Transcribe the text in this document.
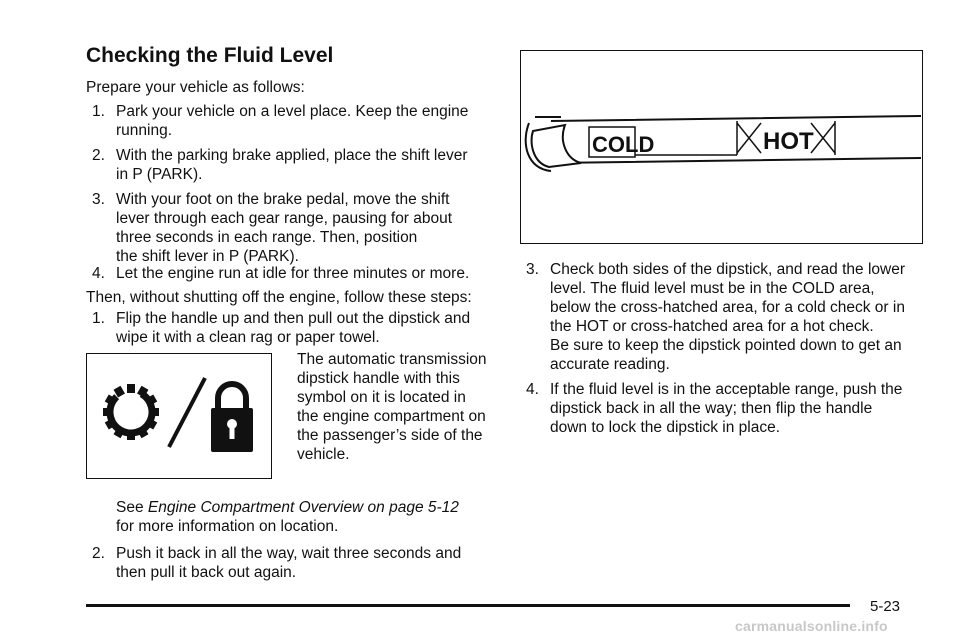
Checking the Fluid Level
Prepare your vehicle as follows:
1. Park your vehicle on a level place. Keep the engine
running.
2. With the parking brake applied, place the shift lever
in P (PARK).
3. With your foot on the brake pedal, move the shift
lever through each gear range, pausing for about
three seconds in each range. Then, position
the shift lever in P (PARK).
4. Let the engine run at idle for three minutes or more.
Then, without shutting off the engine, follow these steps:
1. Flip the handle up and then pull out the dipstick and
wipe it with a clean rag or paper towel.
The automatic transmission
dipstick handle with this
symbol on it is located in
the engine compartment on
the passenger’s side of the
vehicle.
See Engine Compartment Overview on page 5-12
for more information on location.
2. Push it back in all the way, wait three seconds and
then pull it back out again.
COLD	HOT
3. Check both sides of the dipstick, and read the lower
level. The fluid level must be in the COLD area,
below the cross-hatched area, for a cold check or in
the HOT or cross-hatched area for a hot check.
Be sure to keep the dipstick pointed down to get an
accurate reading.
4. If the fluid level is in the acceptable range, push the
dipstick back in all the way; then flip the handle
down to lock the dipstick in place.
5-23
carmanualsonline.info
